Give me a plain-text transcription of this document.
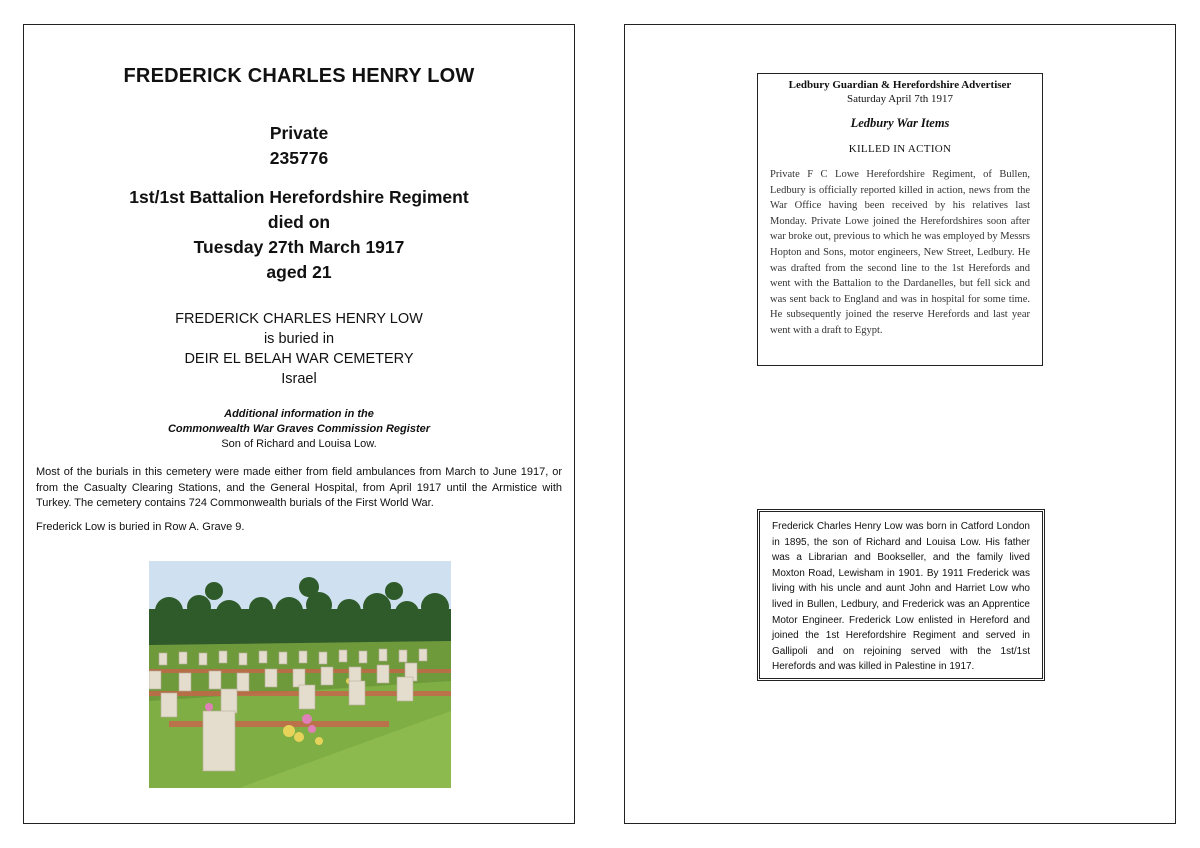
FREDERICK CHARLES HENRY LOW
Private
235776
1st/1st Battalion Herefordshire Regiment
died on
Tuesday 27th March 1917
aged 21
FREDERICK CHARLES HENRY LOW
is buried in
DEIR EL BELAH WAR CEMETERY
Israel
Additional information in the
Commonwealth War Graves Commission Register
Son of Richard and Louisa Low.
Most of the burials in this cemetery were made either from field ambulances from March to June 1917, or from the Casualty Clearing Stations, and the General Hospital, from April 1917 until the Armistice with Turkey. The cemetery contains 724 Commonwealth burials of the First World War.
Frederick Low is buried in Row A. Grave 9.
Ledbury Guardian & Herefordshire Advertiser
Saturday April 7th 1917
Ledbury War Items
KILLED IN ACTION
Private F C Lowe Herefordshire Regiment, of Bullen, Ledbury is officially reported killed in action, news from the War Office having been received by his relatives last Monday. Private Lowe joined the Herefordshires soon after war broke out, previous to which he was employed by Messrs Hopton and Sons, motor engineers, New Street, Ledbury. He was drafted from the second line to the 1st Herefords and went with the Battalion to the Dardanelles, but fell sick and was sent back to England and was in hospital for some time. He subsequently joined the reserve Herefords and last year went with a draft to Egypt.
Frederick Charles Henry Low was born in Catford London in 1895, the son of Richard and Louisa Low. His father was a Librarian and Bookseller, and the family lived Moxton Road, Lewisham in 1901. By 1911 Frederick was living with his uncle and aunt John and Harriet Low who lived in Bullen, Ledbury, and Frederick was an Apprentice Motor Engineer. Frederick Low enlisted in Hereford and joined the 1st Herefordshire Regiment and served in Gallipoli and on rejoining served with the 1st/1st Herefords and was killed in Palestine in 1917.
